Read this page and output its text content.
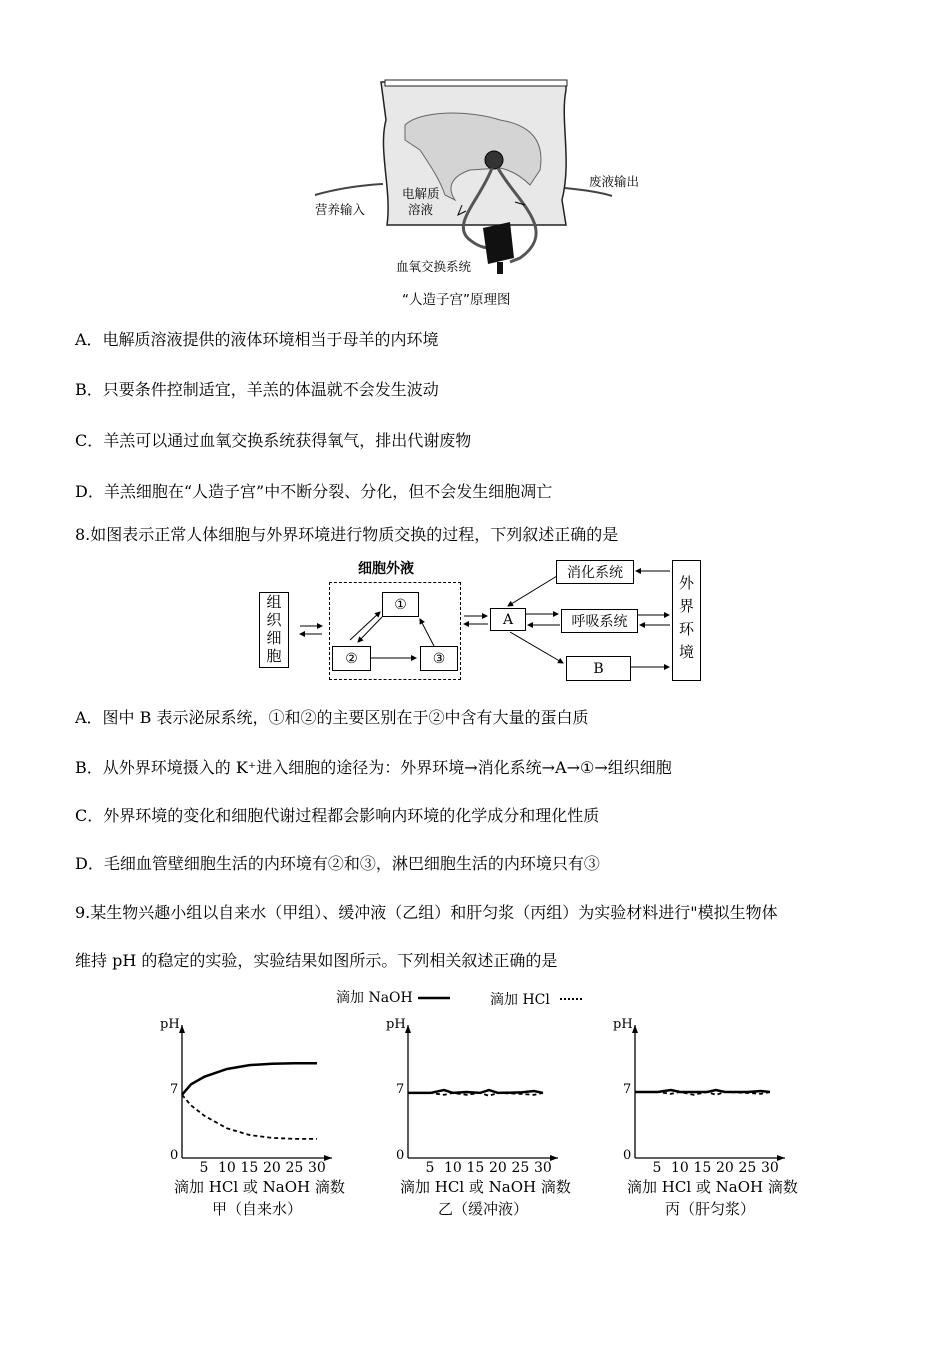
营养输入
电解质
溶液
废液输出
血氧交换系统
“人造子宫”原理图
A．电解质溶液提供的液体环境相当于母羊的内环境
B．只要条件控制适宜，羊羔的体温就不会发生波动
C．羊羔可以通过血氧交换系统获得氧气，排出代谢废物
D．羊羔细胞在“人造子宫”中不断分裂、分化，但不会发生细胞凋亡
8.如图表示正常人体细胞与外界环境进行物质交换的过程，下列叙述正确的是
组织细胞
细胞外液
①
②	③
A
消化系统
呼吸系统
B
外界环境
A．图中 B 表示泌尿系统，①和②的主要区别在于②中含有大量的蛋白质
B．从外界环境摄入的 K⁺进入细胞的途径为：外界环境→消化系统→A→①→组织细胞
C．外界环境的变化和细胞代谢过程都会影响内环境的化学成分和理化性质
D．毛细血管壁细胞生活的内环境有②和③，淋巴细胞生活的内环境只有③
9.某生物兴趣小组以自来水（甲组）、缓冲液（乙组）和肝匀浆（丙组）为实验材料进行"模拟生物体
维持 pH 的稳定的实验，实验结果如图所示。下列相关叙述正确的是
滴加 NaOH	滴加 HCl
pH
7
0
5 10 15 20 25 30
滴加 HCl 或 NaOH 滴数
甲（自来水）
pH
7
0
5 10 15 20 25 30
滴加 HCl 或 NaOH 滴数
乙（缓冲液）
pH
7
0
5 10 15 20 25 30
滴加 HCl 或 NaOH 滴数
丙（肝匀浆）
